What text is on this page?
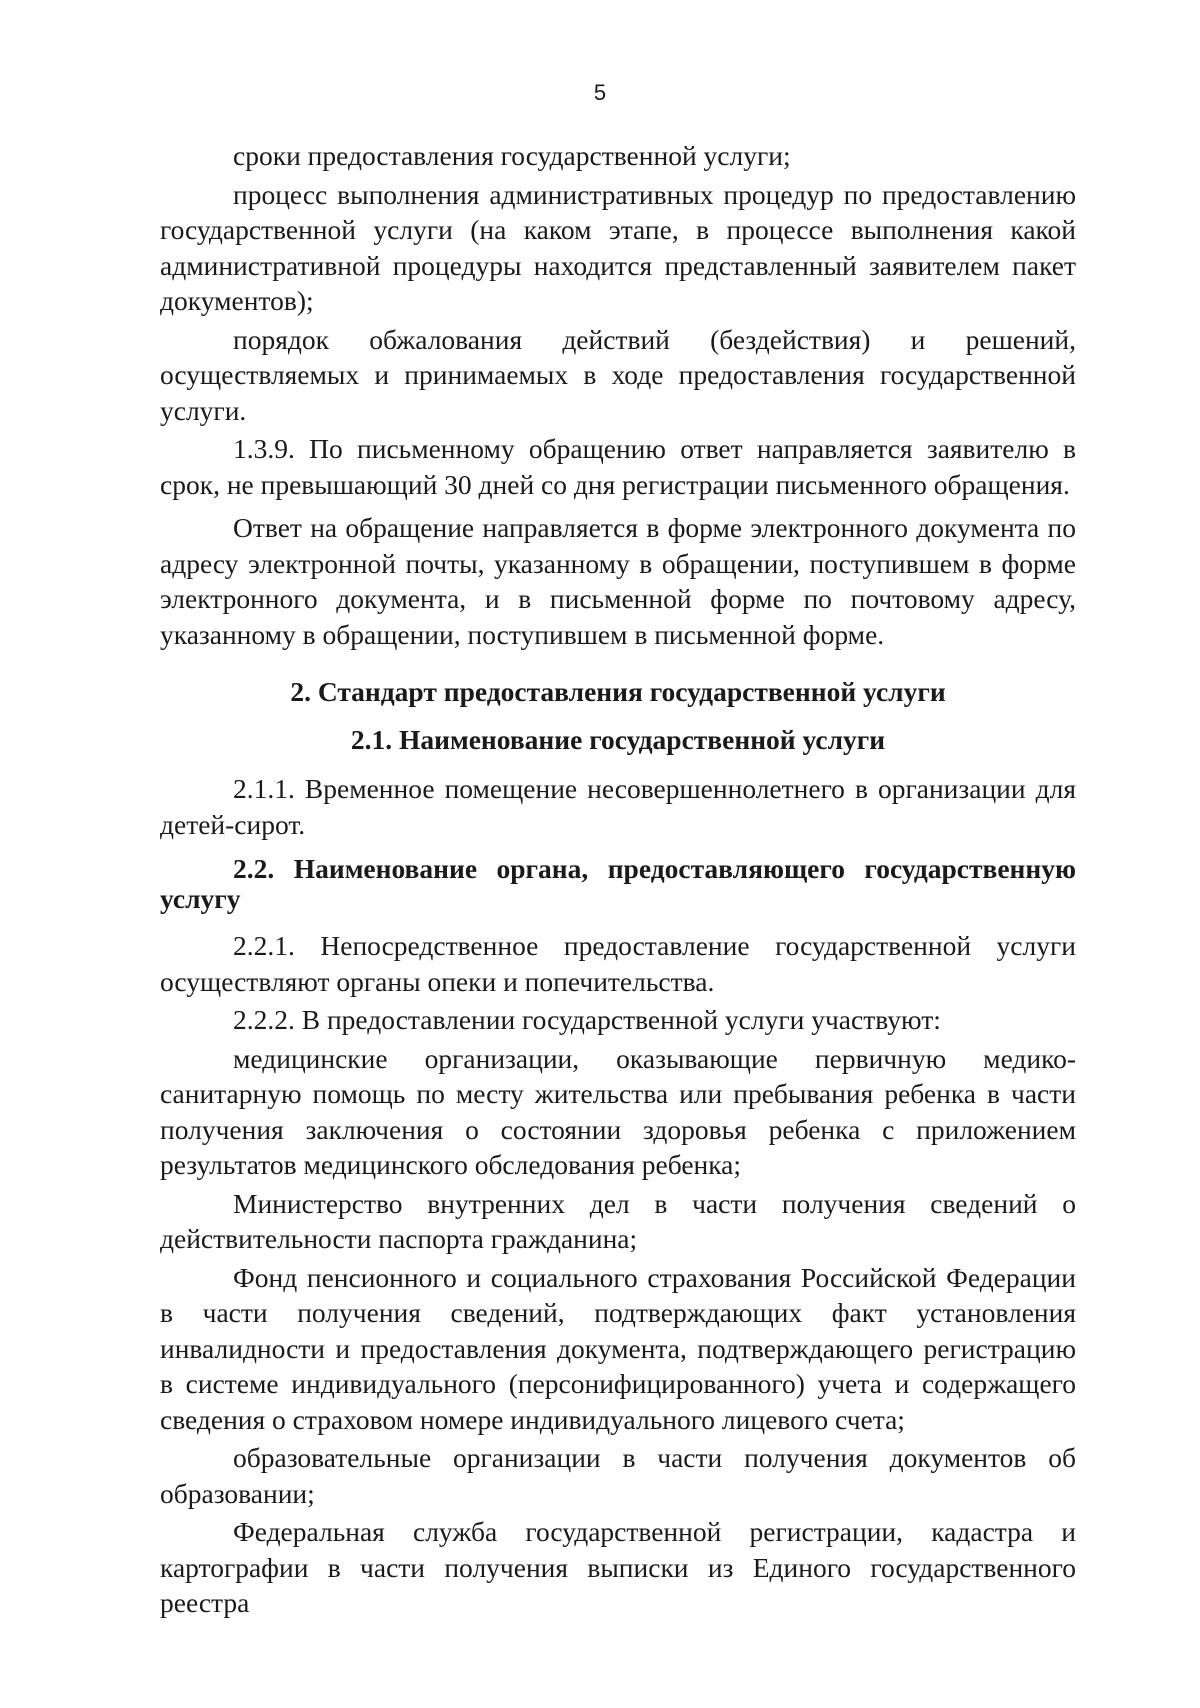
5

сроки предоставления государственной услуги;

процесс выполнения административных процедур по предоставлению государственной услуги (на каком этапе, в процессе выполнения какой административной процедуры находится представленный заявителем пакет документов);

порядок обжалования действий (бездействия) и решений, осуществляемых и принимаемых в ходе предоставления государственной услуги.

1.3.9. По письменному обращению ответ направляется заявителю в срок, не превышающий 30 дней со дня регистрации письменного обращения.

Ответ на обращение направляется в форме электронного документа по адресу электронной почты, указанному в обращении, поступившем в форме электронного документа, и в письменной форме по почтовому адресу, указанному в обращении, поступившем в письменной форме.

2. Стандарт предоставления государственной услуги

2.1. Наименование государственной услуги

2.1.1. Временное помещение несовершеннолетнего в организации для детей-сирот.

2.2. Наименование органа, предоставляющего государственную услугу

2.2.1. Непосредственное предоставление государственной услуги осуществляют органы опеки и попечительства.

2.2.2. В предоставлении государственной услуги участвуют:

медицинские организации, оказывающие первичную медико-санитарную помощь по месту жительства или пребывания ребенка в части получения заключения о состоянии здоровья ребенка с приложением результатов медицинского обследования ребенка;

Министерство внутренних дел в части получения сведений о действительности паспорта гражданина;

Фонд пенсионного и социального страхования Российской Федерации в части получения сведений, подтверждающих факт установления инвалидности и предоставления документа, подтверждающего регистрацию в системе индивидуального (персонифицированного) учета и содержащего сведения о страховом номере индивидуального лицевого счета;

образовательные организации в части получения документов об образовании;

Федеральная служба государственной регистрации, кадастра и картографии в части получения выписки из Единого государственного реестра
